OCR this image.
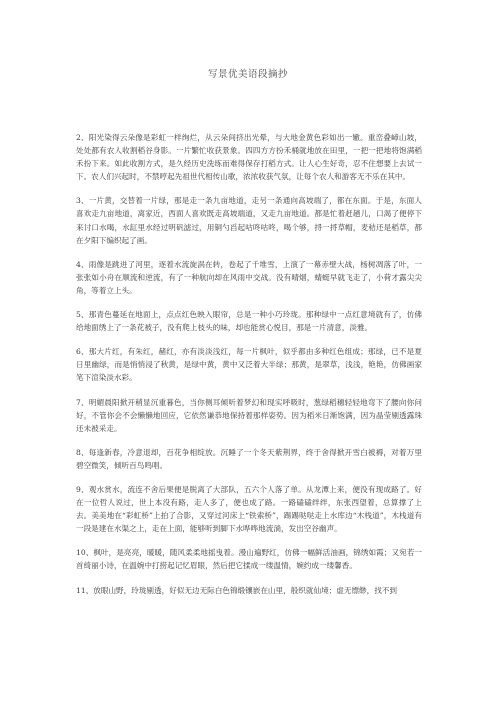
写景优美语段摘抄

2、阳光染得云朵像是彩虹一样绚烂，从云朵间挤出光晕，与大地金黄色彩如出一辙。重峦叠嶂山坡，处处都有农人收割稻谷身影。一片繁忙收获景象。四四方方扮禾桶就地放在田里，一把一把地将饱满稻禾扮下来。如此收割方式，是久经历史洗练而难得保存打稻方式。让人心生好奇，忍不住想要上去试一下。农人们兴起时，不禁哼起先祖世代相传山歌，浓浓收获气氛，让每个农人和游客无不乐在其中。

3、一片黄，交替着一片绿，那是走一条九亩地道，走另一条通向高坡端了，都在东面。于是，东面人喜欢走九亩地道，离家近，西面人喜欢既走高坡端道，又走九亩地道。都是忙着赶趟儿，口渴了便停下来讨口水喝，水缸里水经过明矾滤过，用铜勺舀起咕咚咕咚，喝个够，捋一捋草帽，麦秸还是稻草，都在夕阳下编织起了画。

4、雨像是跳进了河里，逐着水流旋涡在转，卷起了千堆雪，上演了一幕赤壁大战，杨树凋落了叶，一张张如小舟在顺流和逆流，有了一种航向却在风雨中交战。没有晴烟，蜻蜓早就飞走了，小荷才露尖尖角，等着立上头。

5、那青色蔓延在地面上，点点红色映入眼帘，总是一种小巧玲珑。那种绿中一点红意境就有了，仿佛给地面绣上了一条花被子，没有爬上枝头的味，却也能赏心悦目，那是一片清意，淡雅。

6、那大片红，有朱红，赭红，亦有淡淡浅红，每一片枫叶，似乎都由多种红色组成；那绿，已不是夏日里幽绿，而是悄悄浸了秋黄，是绿中黄，黄中又泛着大半绿；那黄，是翠草，浅浅，艳艳，仿佛画家笔下渲染淡水彩。

7、明媚晨阳掀开稍显沉重暮色，当你侧耳倾听着梦幻和现实呼吸时，葱绿稻穗轻轻地弯下了腰向你问好，不管你会不会懒懒地回应，它依然谦恭地保持着那样姿势。因为稻米日渐饱满，因为晶莹剔透露珠还未被采走。

8、每逢新春，冷意退却，百花争相绽放。沉睡了一个冬天紫荆界，终于舍得掀开雪白被褥，对着万里碧空微笑，倾听百鸟鸣唱。

9、观水赏水，流连不舍后果便是脱离了大部队，五六个人落了单。从龙潭上来，便没有现成路了。好在一位哲人说过，世上本没有路，走人多了，便也成了路。一路磕磕绊绊，东张西望着，总算撑了上去。美美地在“彩虹桥”上拍了合影，又穿过河床上“铁索桥”，踢踢哒哒走上水库边“木栈道”，木栈道有一段是建在水渠之上，走在上面，能够听到脚下水哗哗地流淌，发出空谷幽声。

10、枫叶，是亮亮，暖暖，随风柔柔地摇曳着。漫山遍野红，仿佛一幅鲜活油画，锦绣如霞；又宛若一首绮丽小诗，在温婉中打捞起记忆眉眼，然后把它揉成一缕温情，婉约成一缕馨香。

11、放眼山野，玲珑剔透，好似无边无际白色锦缎镶嵌在山里，般织就仙境；虚无缥缈，找不到
